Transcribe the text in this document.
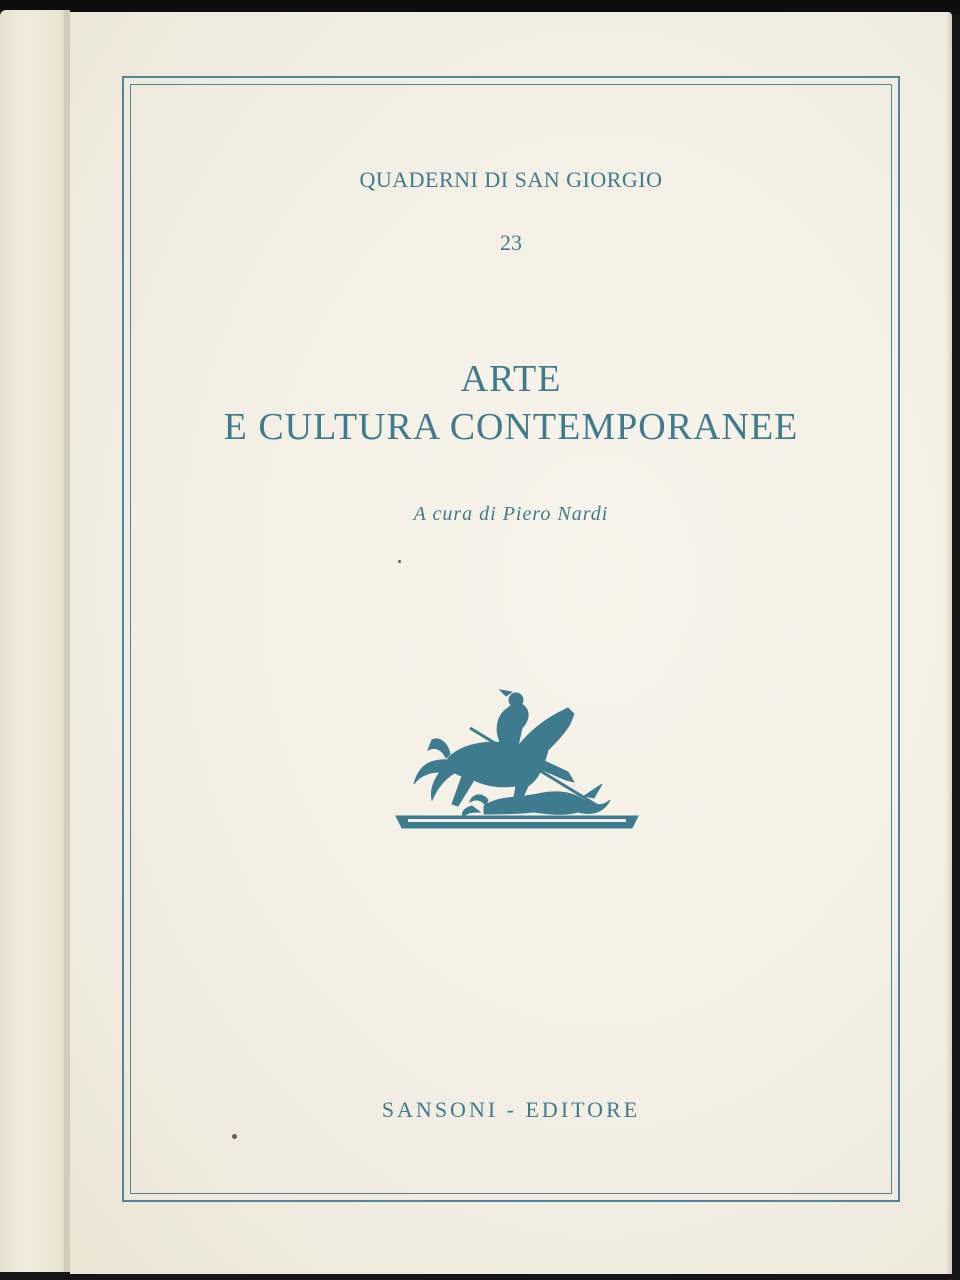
QUADERNI DI SAN GIORGIO
23
ARTE
E CULTURA CONTEMPORANEE
A cura di Piero Nardi
SANSONI - EDITORE
